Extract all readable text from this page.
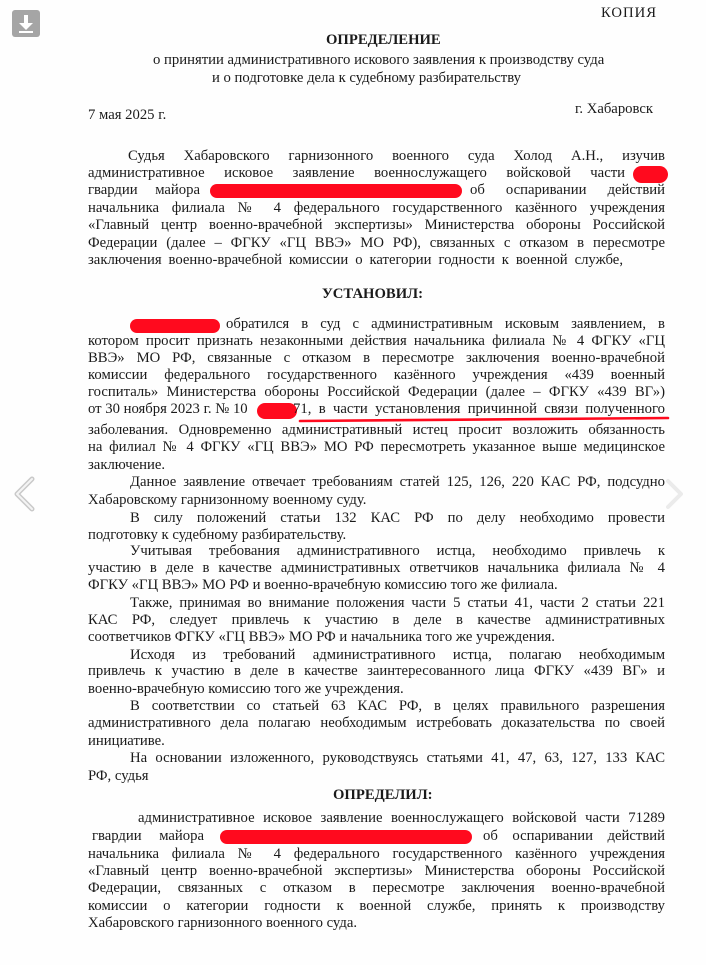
КОПИЯ
ОПРЕДЕЛЕНИЕ
о принятии административного искового заявления к производству суда
и о подготовке дела к судебному разбирательству
7 мая 2025 г.	г. Хабаровск
Судья Хабаровского гарнизонного военного суда Холод А.Н., изучив
административное исковое заявление военнослужащего войсковой части
гвардии майора	об оспаривании действий
начальника филиала № 4 федерального государственного казённого учреждения
«Главный центр военно-врачебной экспертизы» Министерства обороны Российской
Федерации (далее – ФГКУ «ГЦ ВВЭ» МО РФ), связанных с отказом в пересмотре
заключения военно-врачебной комиссии о категории годности к военной службе,
УСТАНОВИЛ:
обратился в суд с административным исковым заявлением, в
котором просит признать незаконными действия начальника филиала № 4 ФГКУ «ГЦ
ВВЭ» МО РФ, связанные с отказом в пересмотре заключения военно-врачебной
комиссии федерального государственного казённого учреждения «439 военный
госпиталь» Министерства обороны Российской Федерации (далее – ФГКУ «439 ВГ»)
от 30 ноября 2023 г. № 10	71, в части установления причинной связи полученного
заболевания. Одновременно административный истец просит возложить обязанность
на филиал № 4 ФГКУ «ГЦ ВВЭ» МО РФ пересмотреть указанное выше медицинское
заключение.
Данное заявление отвечает требованиям статей 125, 126, 220 КАС РФ, подсудно
Хабаровскому гарнизонному военному суду.
В силу положений статьи 132 КАС РФ по делу необходимо провести
подготовку к судебному разбирательству.
Учитывая требования административного истца, необходимо привлечь к
участию в деле в качестве административных ответчиков начальника филиала № 4
ФГКУ «ГЦ ВВЭ» МО РФ и военно-врачебную комиссию того же филиала.
Также, принимая во внимание положения части 5 статьи 41, части 2 статьи 221
КАС РФ, следует привлечь к участию в деле в качестве административных
соответчиков ФГКУ «ГЦ ВВЭ» МО РФ и начальника того же учреждения.
Исходя из требований административного истца, полагаю необходимым
привлечь к участию в деле в качестве заинтересованного лица ФГКУ «439 ВГ» и
военно-врачебную комиссию того же учреждения.
В соответствии со статьей 63 КАС РФ, в целях правильного разрешения
административного дела полагаю необходимым истребовать доказательства по своей
инициативе.
На основании изложенного, руководствуясь статьями 41, 47, 63, 127, 133 КАС
РФ, судья
ОПРЕДЕЛИЛ:
административное исковое заявление военнослужащего войсковой части 71289
гвардии майора	об оспаривании действий
начальника филиала № 4 федерального государственного казённого учреждения
«Главный центр военно-врачебной экспертизы» Министерства обороны Российской
Федерации, связанных с отказом в пересмотре заключения военно-врачебной
комиссии о категории годности к военной службе, принять к производству
Хабаровского гарнизонного военного суда.
